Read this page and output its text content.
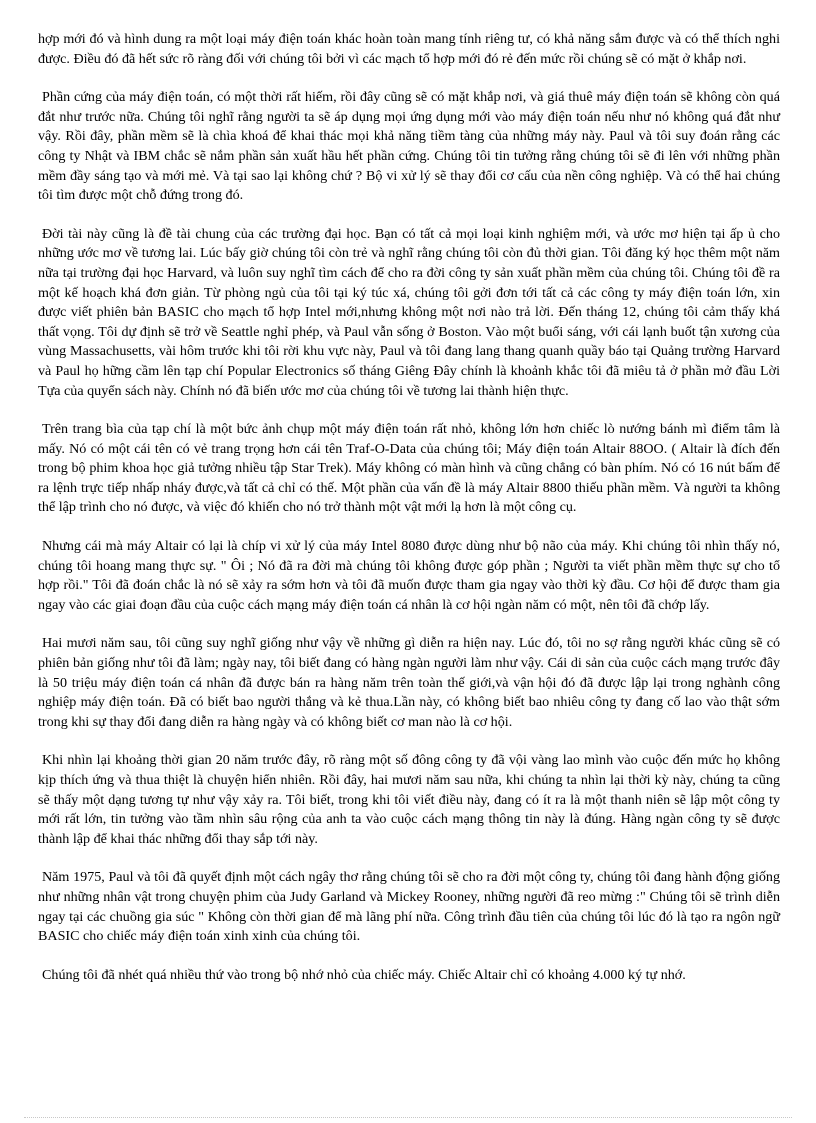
hợp mới đó và hình dung ra một loại máy điện toán khác hoàn toàn mang tính riêng tư, có khả năng sắm được và có thể thích nghi được. Điều đó đã hết sức rõ ràng đối với chúng tôi bởi vì các mạch tổ hợp mới đó rẻ đến mức rồi chúng sẽ có mặt ở khắp nơi.

Phần cứng của máy điện toán, có một thời rất hiếm, rồi đây cũng sẽ có mặt khắp nơi, và giá thuê máy điện toán sẽ không còn quá đắt như trước nữa. Chúng tôi nghĩ rằng người ta sẽ áp dụng mọi ứng dụng mới vào máy điện toán nếu như nó không quá đắt như vậy. Rồi đây, phần mềm sẽ là chìa khoá để khai thác mọi khả năng tiềm tàng của những máy này. Paul và tôi suy đoán rằng các công ty Nhật và IBM chắc sẽ nắm phần sản xuất hầu hết phần cứng. Chúng tôi tin tưởng rằng chúng tôi sẽ đi lên với những phần mềm đầy sáng tạo và mới mẻ. Và tại sao lại không chứ ? Bộ vi xử lý sẽ thay đổi cơ cấu của nền công nghiệp. Và có thể hai chúng tôi tìm được một chỗ đứng trong đó.

Đời tài này cũng là đề tài chung của các trường đại học. Bạn có tất cả mọi loại kinh nghiệm mới, và ước mơ hiện tại ấp ủ cho những ước mơ về tương lai. Lúc bấy giờ chúng tôi còn trẻ và nghĩ rằng chúng tôi còn đủ thời gian. Tôi đăng ký học thêm một năm nữa tại trường đại học Harvard, và luôn suy nghĩ tìm cách để cho ra đời công ty sản xuất phần mềm của chúng tôi. Chúng tôi đề ra một kế hoạch khá đơn giản. Từ phòng ngủ của tôi tại ký túc xá, chúng tôi gởi đơn tới tất cả các công ty máy điện toán lớn, xin được viết phiên bản BASIC cho mạch tổ hợp Intel mới,nhưng không một nơi nào trả lời. Đến tháng 12, chúng tôi cảm thấy khá thất vọng. Tôi dự định sẽ trở về Seattle nghỉ phép, và Paul vẫn sống ở Boston. Vào một buổi sáng, với cái lạnh buốt tận xương của vùng Massachusetts, vài hôm trước khi tôi rời khu vực này, Paul và tôi đang lang thang quanh quầy báo tại Quảng trường Harvard và Paul họ hững cầm lên tạp chí Popular Electronics số tháng Giêng Đây chính là khoảnh khắc tôi đã miêu tả ở phần mở đầu Lời Tựa của quyển sách này. Chính nó đã biến ước mơ của chúng tôi về tương lai thành hiện thực.

Trên trang bìa của tạp chí là một bức ảnh chụp một máy điện toán rất nhỏ, không lớn hơn chiếc lò nướng bánh mì điểm tâm là mấy. Nó có một cái tên có vẻ trang trọng hơn cái tên Traf-O-Data của chúng tôi; Máy điện toán Altair 88OO. ( Altair là đích đến trong bộ phim khoa học giả tưởng nhiều tập Star Trek). Máy không có màn hình và cũng chẳng có bàn phím. Nó có 16 nút bấm để ra lệnh trực tiếp nhấp nháy được,và tất cả chỉ có thế. Một phần của vấn đề là máy Altair 8800 thiếu phần mềm. Và người ta không thể lập trình cho nó được, và việc đó khiến cho nó trở thành một vật mới lạ hơn là một công cụ.

Nhưng cái mà máy Altair có lại là chíp vi xử lý của máy Intel 8080 được dùng như bộ não của máy. Khi chúng tôi nhìn thấy nó, chúng tôi hoang mang thực sự. " Ôi ; Nó đã ra đời mà chúng tôi không được góp phần ; Người ta viết phần mềm thực sự cho tổ hợp rồi." Tôi đã đoán chắc là nó sẽ xảy ra sớm hơn và tôi đã muốn được tham gia ngay vào thời kỳ đầu. Cơ hội để được tham gia ngay vào các giai đoạn đầu của cuộc cách mạng máy điện toán cá nhân là cơ hội ngàn năm có một, nên tôi đã chớp lấy.

Hai mươi năm sau, tôi cũng suy nghĩ giống như vậy về những gì diễn ra hiện nay. Lúc đó, tôi no sợ rằng người khác cũng sẽ có phiên bản giống như tôi đã làm; ngày nay, tôi biết đang có hàng ngàn người làm như vậy. Cái di sản của cuộc cách mạng trước đây là 50 triệu máy điện toán cá nhân đã được bán ra hàng năm trên toàn thế giới,và vận hội đó đã được lập lại trong nghành công nghiệp máy điện toán. Đã có biết bao người thắng và kẻ thua.Lần này, có không biết bao nhiêu công ty đang cố lao vào thật sớm trong khi sự thay đổi đang diễn ra hàng ngày và có không biết cơ man nào là cơ hội.

Khi nhìn lại khoảng thời gian 20 năm trước đây, rõ ràng một số đông công ty đã vội vàng lao mình vào cuộc đến mức họ không kịp thích ứng và thua thiệt là chuyện hiển nhiên. Rồi đây, hai mươi năm sau nữa, khi chúng ta nhìn lại thời kỳ này, chúng ta cũng sẽ thấy một dạng tương tự như vậy xảy ra. Tôi biết, trong khi tôi viết điều này, đang có ít ra là một thanh niên sẽ lập một công ty mới rất lớn, tin tưởng vào tầm nhìn sâu rộng của anh ta vào cuộc cách mạng thông tin này là đúng. Hàng ngàn công ty sẽ được thành lập để khai thác những đổi thay sắp tới này.

Năm 1975, Paul và tôi đã quyết định một cách ngây thơ rằng chúng tôi sẽ cho ra đời một công ty, chúng tôi đang hành động giống như những nhân vật trong chuyện phim của Judy Garland và Mickey Rooney, những người đã reo mừng :" Chúng tôi sẽ trình diễn ngay tại các chuồng gia súc " Không còn thời gian để mà lãng phí nữa. Công trình đầu tiên của chúng tôi lúc đó là tạo ra ngôn ngữ BASIC cho chiếc máy điện toán xinh xinh của chúng tôi.

Chúng tôi đã nhét quá nhiều thứ vào trong bộ nhớ nhỏ của chiếc máy. Chiếc Altair chỉ có khoảng 4.000 ký tự nhớ.
